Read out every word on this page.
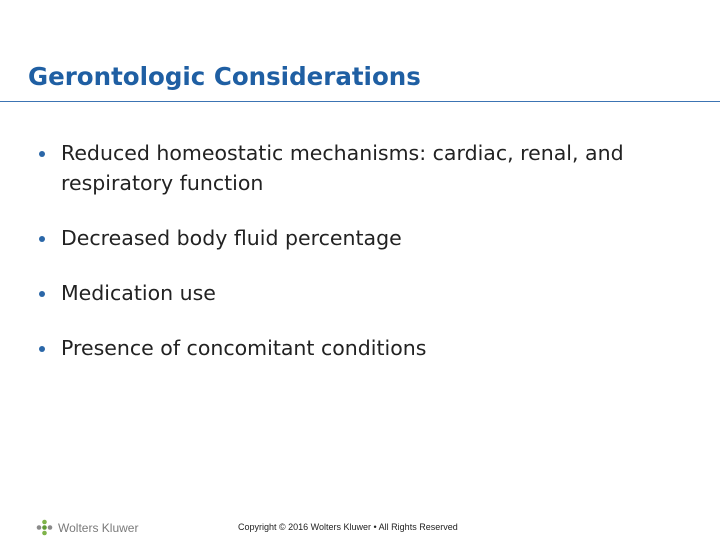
Gerontologic Considerations
Reduced homeostatic mechanisms: cardiac, renal, and respiratory function
Decreased body fluid percentage
Medication use
Presence of concomitant conditions
Wolters Kluwer	Copyright © 2016 Wolters Kluwer • All Rights Reserved
